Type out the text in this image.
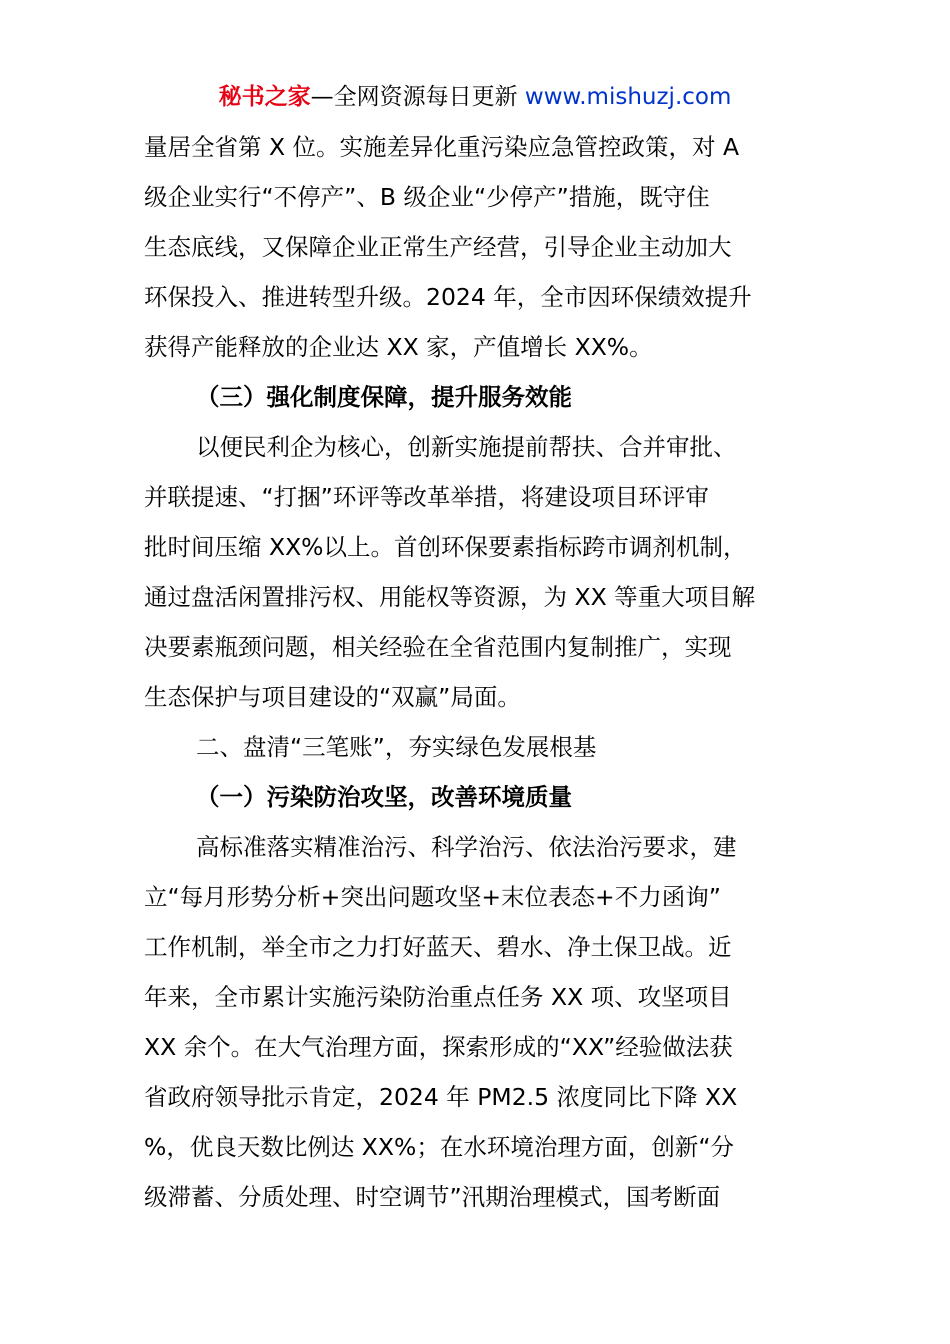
秘书之家—全网资源每日更新 www.mishuzj.com
量居全省第 X 位。实施差异化重污染应急管控政策，对 A
级企业实行“不停产”、B 级企业“少停产”措施，既守住
生态底线，又保障企业正常生产经营，引导企业主动加大
环保投入、推进转型升级。2024 年，全市因环保绩效提升
获得产能释放的企业达 XX 家，产值增长 XX%。
（三）强化制度保障，提升服务效能
以便民利企为核心，创新实施提前帮扶、合并审批、
并联提速、“打捆”环评等改革举措，将建设项目环评审
批时间压缩 XX%以上。首创环保要素指标跨市调剂机制，
通过盘活闲置排污权、用能权等资源，为 XX 等重大项目解
决要素瓶颈问题，相关经验在全省范围内复制推广，实现
生态保护与项目建设的“双赢”局面。
二、盘清“三笔账”，夯实绿色发展根基
（一）污染防治攻坚，改善环境质量
高标准落实精准治污、科学治污、依法治污要求，建
立“每月形势分析+突出问题攻坚+末位表态+不力函询”
工作机制，举全市之力打好蓝天、碧水、净土保卫战。近
年来，全市累计实施污染防治重点任务 XX 项、攻坚项目
XX 余个。在大气治理方面，探索形成的“XX”经验做法获
省政府领导批示肯定，2024 年 PM2.5 浓度同比下降 XX
%，优良天数比例达 XX%；在水环境治理方面，创新“分
级滞蓄、分质处理、时空调节”汛期治理模式，国考断面
